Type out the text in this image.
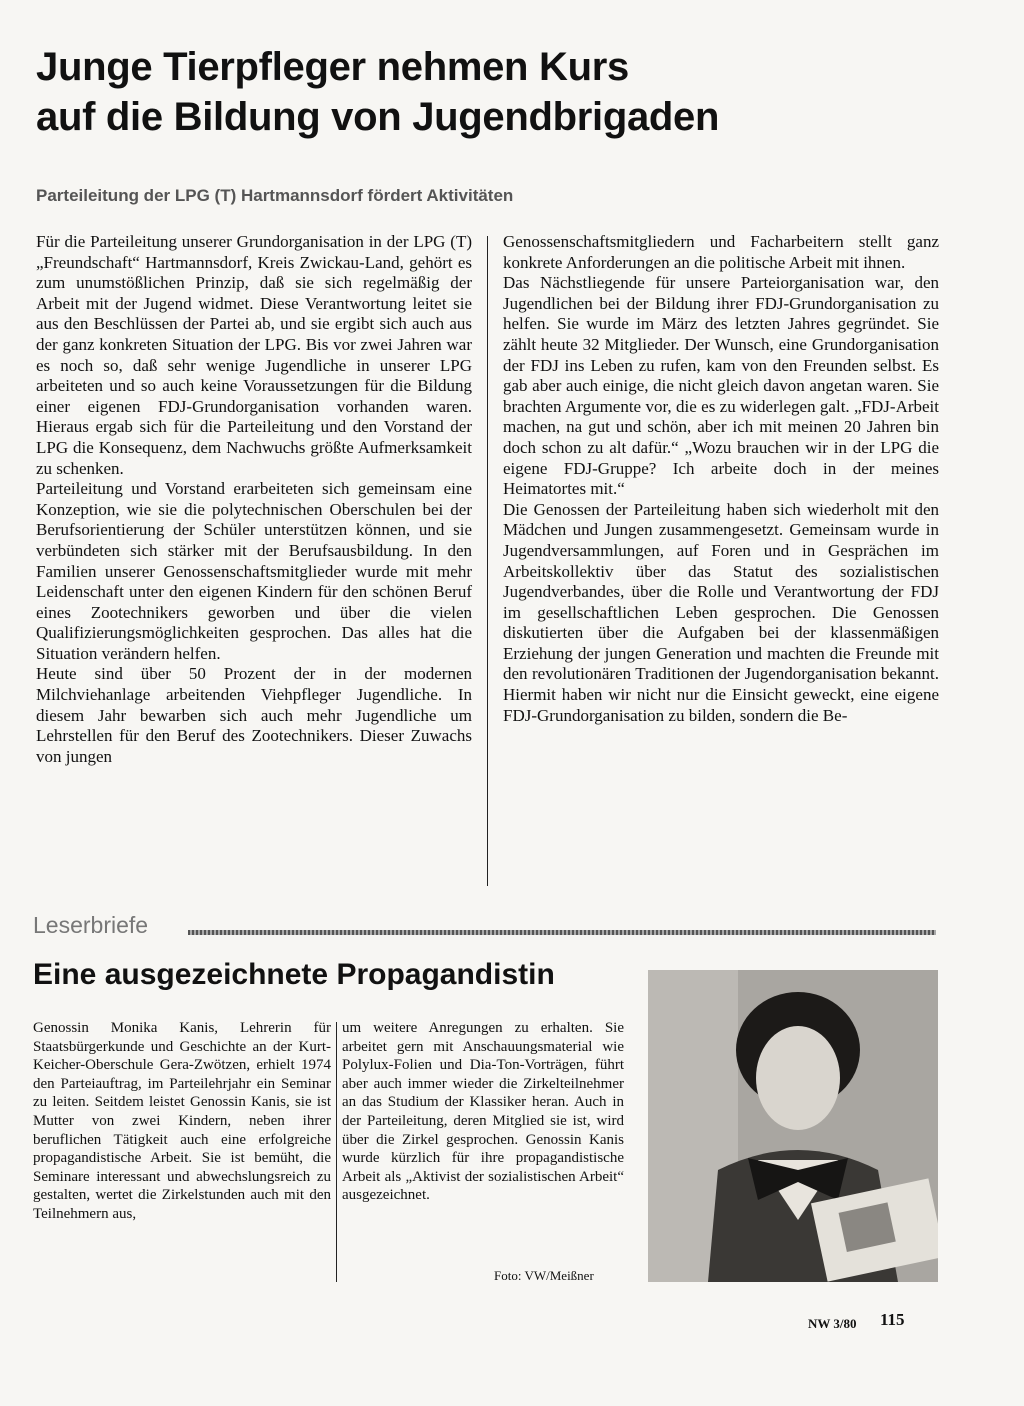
Junge Tierpfleger nehmen Kurs
auf die Bildung von Jugendbrigaden

Parteileitung der LPG (T) Hartmannsdorf fördert Aktivitäten

Für die Parteileitung unserer Grundorganisation in der LPG (T) „Freundschaft“ Hartmannsdorf, Kreis Zwickau-Land, gehört es zum unumstößlichen Prinzip, daß sie sich regelmäßig der Arbeit mit der Jugend widmet. Diese Verantwortung leitet sie aus den Beschlüssen der Partei ab, und sie ergibt sich auch aus der ganz konkreten Situation der LPG. Bis vor zwei Jahren war es noch so, daß sehr wenige Jugendliche in unserer LPG arbeiteten und so auch keine Voraussetzungen für die Bildung einer eigenen FDJ-Grundorganisation vorhanden waren. Hieraus ergab sich für die Parteileitung und den Vorstand der LPG die Konsequenz, dem Nachwuchs größte Aufmerksamkeit zu schenken.

Parteileitung und Vorstand erarbeiteten sich gemeinsam eine Konzeption, wie sie die polytechnischen Oberschulen bei der Berufsorientierung der Schüler unterstützen können, und sie verbündeten sich stärker mit der Berufsausbildung. In den Familien unserer Genossenschaftsmitglieder wurde mit mehr Leidenschaft unter den eigenen Kindern für den schönen Beruf eines Zootechnikers geworben und über die vielen Qualifizierungsmöglichkeiten gesprochen. Das alles hat die Situation verändern helfen.

Heute sind über 50 Prozent der in der modernen Milchviehanlage arbeitenden Viehpfleger Jugendliche. In diesem Jahr bewarben sich auch mehr Jugendliche um Lehrstellen für den Beruf des Zootechnikers. Dieser Zuwachs von jungen

Genossenschaftsmitgliedern und Facharbeitern stellt ganz konkrete Anforderungen an die politische Arbeit mit ihnen.

Das Nächstliegende für unsere Parteiorganisation war, den Jugendlichen bei der Bildung ihrer FDJ-Grundorganisation zu helfen. Sie wurde im März des letzten Jahres gegründet. Sie zählt heute 32 Mitglieder. Der Wunsch, eine Grundorganisation der FDJ ins Leben zu rufen, kam von den Freunden selbst. Es gab aber auch einige, die nicht gleich davon angetan waren. Sie brachten Argumente vor, die es zu widerlegen galt. „FDJ-Arbeit machen, na gut und schön, aber ich mit meinen 20 Jahren bin doch schon zu alt dafür.“ „Wozu brauchen wir in der LPG die eigene FDJ-Gruppe? Ich arbeite doch in der meines Heimatortes mit.“

Die Genossen der Parteileitung haben sich wiederholt mit den Mädchen und Jungen zusammengesetzt. Gemeinsam wurde in Jugendversammlungen, auf Foren und in Gesprächen im Arbeitskollektiv über das Statut des sozialistischen Jugendverbandes, über die Rolle und Verantwortung der FDJ im gesellschaftlichen Leben gesprochen. Die Genossen diskutierten über die Aufgaben bei der klassenmäßigen Erziehung der jungen Generation und machten die Freunde mit den revolutionären Traditionen der Jugendorganisation bekannt. Hiermit haben wir nicht nur die Einsicht geweckt, eine eigene FDJ-Grundorganisation zu bilden, sondern die Be-

Leserbriefe

Eine ausgezeichnete Propagandistin

Genossin Monika Kanis, Lehrerin für Staatsbürgerkunde und Geschichte an der Kurt-Keicher-Oberschule Gera-Zwötzen, erhielt 1974 den Parteiauftrag, im Parteilehrjahr ein Seminar zu leiten. Seitdem leistet Genossin Kanis, sie ist Mutter von zwei Kindern, neben ihrer beruflichen Tätigkeit auch eine erfolgreiche propagandistische Arbeit. Sie ist bemüht, die Seminare interessant und abwechslungsreich zu gestalten, wertet die Zirkelstunden auch mit den Teilnehmern aus,

um weitere Anregungen zu erhalten. Sie arbeitet gern mit Anschauungsmaterial wie Polylux-Folien und Dia-Ton-Vorträgen, führt aber auch immer wieder die Zirkelteilnehmer an das Studium der Klassiker heran. Auch in der Parteileitung, deren Mitglied sie ist, wird über die Zirkel gesprochen. Genossin Kanis wurde kürzlich für ihre propagandistische Arbeit als „Aktivist der sozialistischen Arbeit“ ausgezeichnet.

Foto: VW/Meißner

NW 3/80 115
